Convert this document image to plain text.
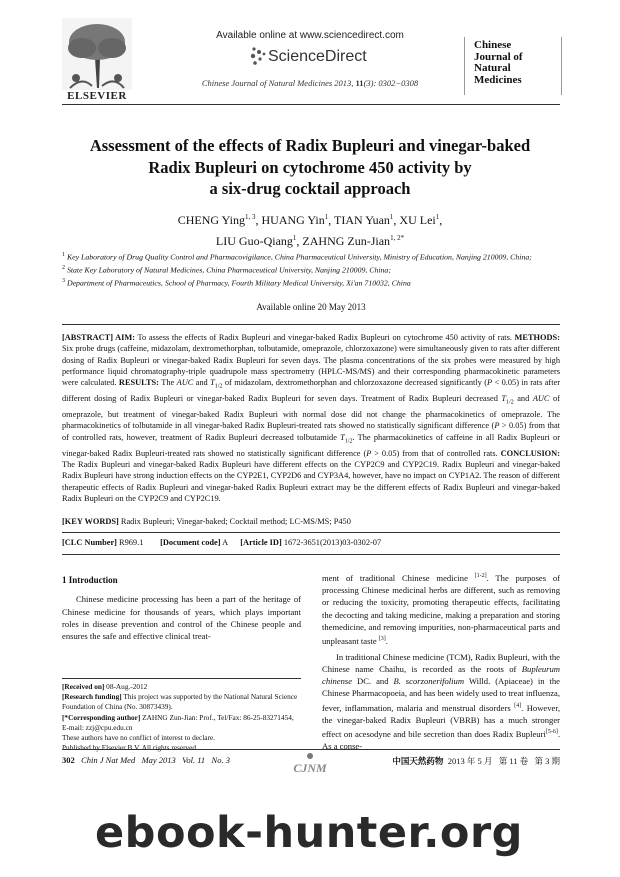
ELSEVIER
Available online at www.sciencedirect.com
ScienceDirect
Chinese Journal of Natural Medicines 2013, 11(3): 0302−0308
Chinese
Journal of
Natural
Medicines
Assessment of the effects of Radix Bupleuri and vinegar-baked
Radix Bupleuri on cytochrome 450 activity by
a six-drug cocktail approach
CHENG Ying$^{1, 3}$, HUANG Yin$^1$, TIAN Yuan$^1$, XU Lei$^1$,
LIU Guo-Qiang$^1$, ZAHNG Zun-Jian$^{1, 2*}$
$^1$ Key Laboratory of Drug Quality Control and Pharmacovigilance, China Pharmaceutical University, Ministry of Education, Nanjing 210009, China;
$^2$ State Key Laboratory of Natural Medicines, China Pharmaceutical University, Nanjing 210009, China;
$^3$ Department of Pharmaceutics, School of Pharmacy, Fourth Military Medical University, Xi'an 710032, China
Available online 20 May 2013
[ABSTRACT] AIM: To assess the effects of Radix Bupleuri and vinegar-baked Radix Bupleuri on cytochrome 450 activity of rats. METHODS: Six probe drugs (caffeine, midazolam, dextromethorphan, tolbutamide, omeprazole, chlorzoxazone) were simultaneously given to rats after different dosing of Radix Bupleuri or vinegar-baked Radix Bupleuri for seven days. The plasma concentrations of the six probes were measured by high performance liquid chromatography-triple quadrupole mass spectrometry (HPLC-MS/MS) and their corresponding pharmacokinetic parameters were calculated. RESULTS: The AUC and $T_{1/2}$ of midazolam, dextromethorphan and chlorzoxazone decreased significantly (P < 0.05) in rats after different dosing of Radix Bupleuri or vinegar-baked Radix Bupleuri for seven days. Treatment of Radix Bupleuri decreased $T_{1/2}$ and AUC of omeprazole, but treatment of vinegar-baked Radix Bupleuri with normal dose did not change the pharmacokinetics of omeprazole. The pharmacokinetics of tolbutamide in all vinegar-baked Radix Bupleuri-treated rats showed no statistically significant difference (P > 0.05) from that of controlled rats, however, treatment of Radix Bupleuri decreased tolbutamide $T_{1/2}$. The pharmacokinetics of caffeine in all Radix Bupleuri or vinegar-baked Radix Bupleuri-treated rats showed no statistically significant difference (P > 0.05) from that of controlled rats. CONCLUSION: The Radix Bupleuri and vinegar-baked Radix Bupleuri have different effects on the CYP2C9 and CYP2C19. Radix Bupleuri and vinegar-baked Radix Bupleuri have strong induction effects on the CYP2E1, CYP2D6 and CYP3A4, however, have no impact on CYP1A2. The reason of different therapeutic effects of Radix Bupleuri and vinegar-baked Radix Bupleuri extract may be the different effects of Radix Bupleuri and vinegar-baked Radix Bupleuri on the CYP2C9 and CYP2C19.
[KEY WORDS] Radix Bupleuri; Vinegar-baked; Cocktail method; LC-MS/MS; P450
[CLC Number] R969.1 [Document code] A [Article ID] 1672-3651(2013)03-0302-07
1 Introduction

Chinese medicine processing has been a part of the heritage of Chinese medicine for thousands of years, which plays important roles in disease prevention and control of the Chinese people and ensures the safe and effective clinical treat-

[Received on] 08-Aug.-2012
[Research funding] This project was supported by the National Natural Science Foundation of China (No. 30873439).
[*Corresponding author] ZAHNG Zun-Jian: Prof., Tel/Fax: 86-25-83271454, E-mail: zzj@cpu.edu.cn
These authors have no conflict of interest to declare.
Published by Elsevier B.V. All rights reserved

ment of traditional Chinese medicine [1-2]. The purposes of processing Chinese medicinal herbs are different, such as removing or reducing the toxicity, promoting therapeutic effects, facilitating the decocting and taking medicine, making a preparation and storing themedicine, and removing impurities, non-pharmaceutical parts and unpleasant taste [3].

In traditional Chinese medicine (TCM), Radix Bupleuri, with the Chinese name Chaihu, is recorded as the roots of Bupleurum chinense DC. and B. scorzonerifolium Willd. (Apiaceae) in the Chinese Pharmacopoeia, and has been widely used to treat influenza, fever, inflammation, malaria and menstrual disorders [4]. However, the vinegar-baked Radix Bupleuri (VBRB) has a much stronger effect on acesodyne and bile secretion than does Radix Bupleuri[5-6]. As a conse-

302   Chin J Nat Med   May 2013   Vol. 11   No. 3
CJNM	中国天然药物  2013 年 5 月   第 11 卷   第 3 期
ebook-hunter.org
